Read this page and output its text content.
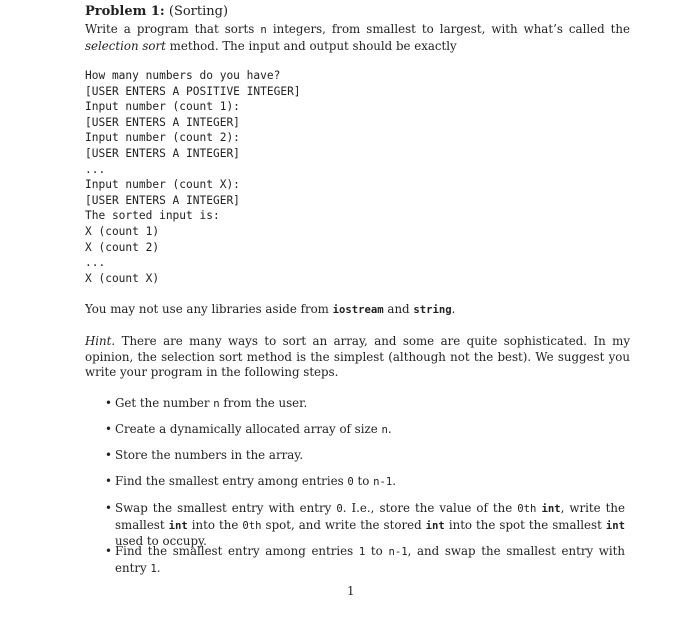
Problem 1: (Sorting)
Write a program that sorts n integers, from smallest to largest, with what’s called the selection sort method. The input and output should be exactly
How many numbers do you have?
[USER ENTERS A POSITIVE INTEGER]
Input number (count 1):
[USER ENTERS A INTEGER]
Input number (count 2):
[USER ENTERS A INTEGER]
...
Input number (count X):
[USER ENTERS A INTEGER]
The sorted input is:
X (count 1)
X (count 2)
...
X (count X)
You may not use any libraries aside from iostream and string.
Hint. There are many ways to sort an array, and some are quite sophisticated. In my opinion, the selection sort method is the simplest (although not the best). We suggest you write your program in the following steps.
• Get the number n from the user.
• Create a dynamically allocated array of size n.
• Store the numbers in the array.
• Find the smallest entry among entries 0 to n-1.
• Swap the smallest entry with entry 0. I.e., store the value of the 0th int, write the smallest int into the 0th spot, and write the stored int into the spot the smallest int used to occupy.
• Find the smallest entry among entries 1 to n-1, and swap the smallest entry with entry 1.
1
